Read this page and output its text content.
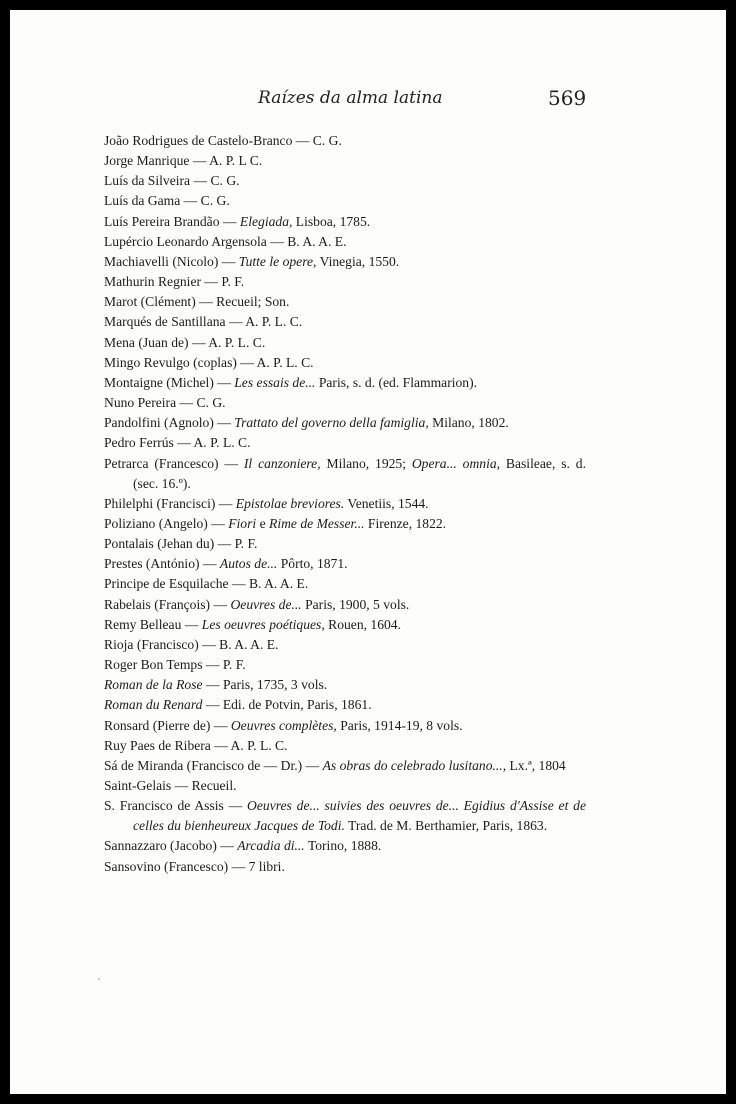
Raízes da alma latina	569
João Rodrigues de Castelo-Branco — C. G.
Jorge Manrique — A. P. L C.
Luís da Silveira — C. G.
Luís da Gama — C. G.
Luís Pereira Brandão — Elegiada, Lisboa, 1785.
Lupércio Leonardo Argensola — B. A. A. E.
Machiavelli (Nicolo) — Tutte le opere, Vinegia, 1550.
Mathurin Regnier — P. F.
Marot (Clément) — Recueil; Son.
Marqués de Santillana — A. P. L. C.
Mena (Juan de) — A. P. L. C.
Mingo Revulgo (coplas) — A. P. L. C.
Montaigne (Michel) — Les essais de... Paris, s. d. (ed. Flammarion).
Nuno Pereira — C. G.
Pandolfini (Agnolo) — Trattato del governo della famiglia, Milano, 1802.
Pedro Ferrús — A. P. L. C.
Petrarca (Francesco) — Il canzoniere, Milano, 1925; Opera... omnia, Basileae, s. d. (sec. 16.º).
Philelphi (Francisci) — Epistolae breviores. Venetiis, 1544.
Poliziano (Angelo) — Fiori e Rime de Messer... Firenze, 1822.
Pontalais (Jehan du) — P. F.
Prestes (António) — Autos de... Pôrto, 1871.
Principe de Esquilache — B. A. A. E.
Rabelais (François) — Oeuvres de... Paris, 1900, 5 vols.
Remy Belleau — Les oeuvres poétiques, Rouen, 1604.
Rioja (Francisco) — B. A. A. E.
Roger Bon Temps — P. F.
Roman de la Rose — Paris, 1735, 3 vols.
Roman du Renard — Edi. de Potvin, Paris, 1861.
Ronsard (Pierre de) — Oeuvres complètes, Paris, 1914-19, 8 vols.
Ruy Paes de Ribera — A. P. L. C.
Sá de Miranda (Francisco de — Dr.) — As obras do celebrado lusitano..., Lx.ª, 1804
Saint-Gelais — Recueil.
S. Francisco de Assis — Oeuvres de... suivies des oeuvres de... Egidius d'Assise et de celles du bienheureux Jacques de Todi. Trad. de M. Berthamier, Paris, 1863.
Sannazzaro (Jacobo) — Arcadia di... Torino, 1888.
Sansovino (Francesco) — 7 libri.
